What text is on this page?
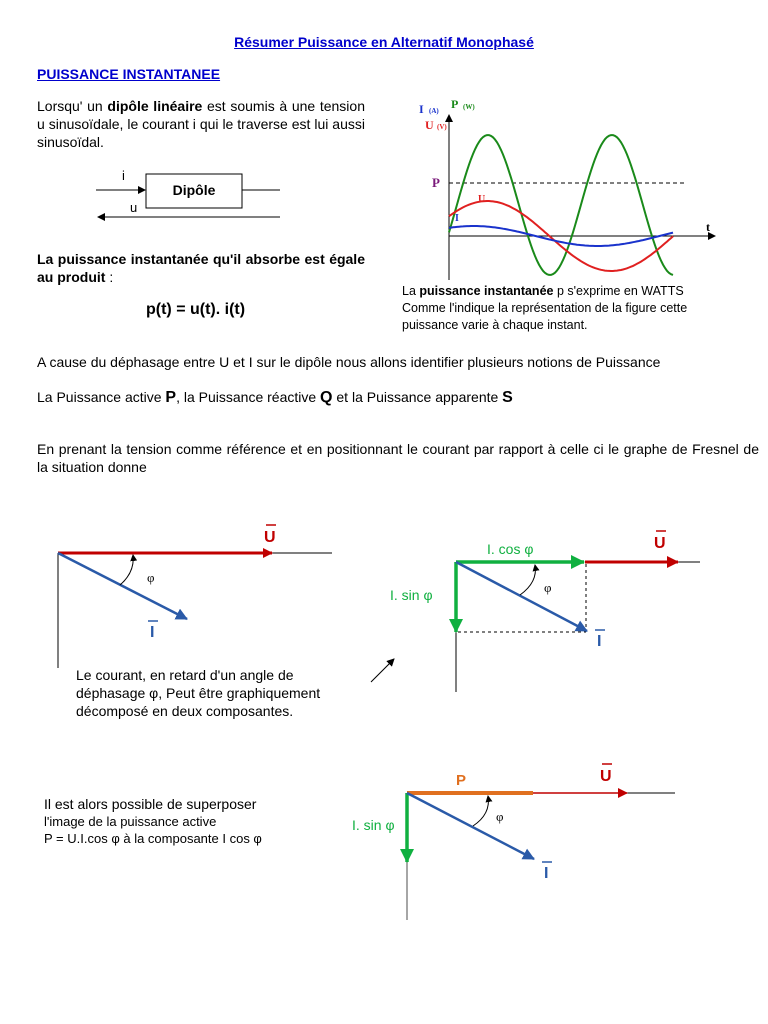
Résumer Puissance en Alternatif Monophasé
PUISSANCE INSTANTANEE
Lorsqu' un dipôle linéaire est soumis à une tension u sinusoïdale, le courant i qui le traverse est lui aussi sinusoïdal.
Dipôle
i
u
La puissance instantanée qu'il absorbe est égale au produit :
p(t) = u(t). i(t)
I (A) P (W)
U (V)
P
U
I
t
La puissance instantanée p s'exprime en WATTS
Comme l'indique la représentation de la figure cette
puissance varie à chaque instant.
A cause du déphasage entre U et I sur le dipôle nous allons identifier plusieurs notions de Puissance
La Puissance active P, la Puissance réactive Q et la Puissance apparente S
En prenant la tension comme référence et en positionnant le courant par rapport à celle ci le graphe de Fresnel de la situation donne
φ
U
I
Le courant, en retard d'un angle de
déphasage φ, Peut être graphiquement
décomposé en deux composantes.
φ
I. cos φ
I. sin φ
U
I
Il est alors possible de superposer
l'image de la puissance active
P = U.I.cos φ à la composante I cos φ
φ
P
I. sin φ
U
I
